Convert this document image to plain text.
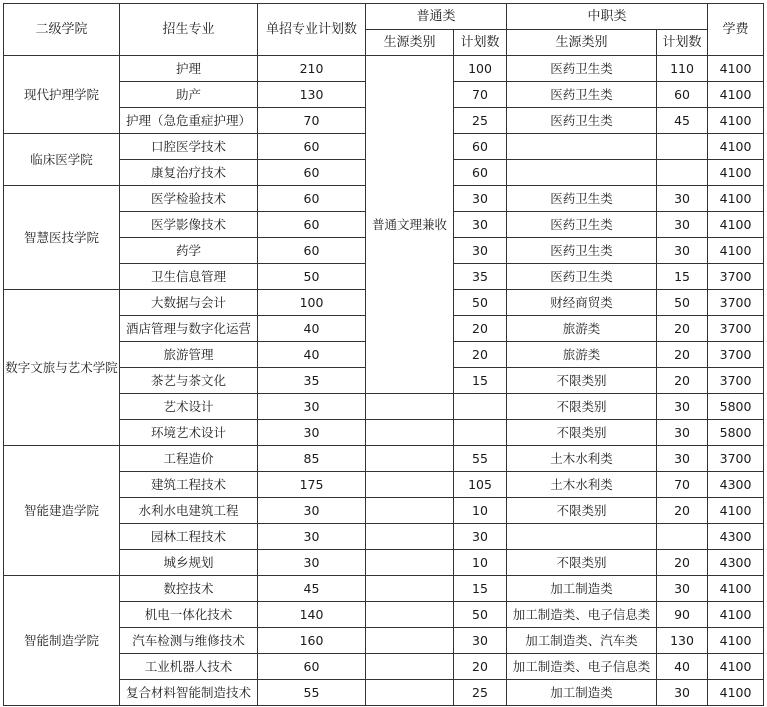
二级学院	招生专业	单招专业计划数	普通类		中职类		学费
			生源类别	计划数	生源类别	计划数	
现代护理学院	护理	210	普通文理兼收	100	医药卫生类	110	4100
	助产	130		70	医药卫生类	60	4100
	护理（急危重症护理）	70		25	医药卫生类	45	4100
临床医学院	口腔医学技术	60		60			4100
	康复治疗技术	60		60			4100
智慧医技学院	医学检验技术	60		30	医药卫生类	30	4100
	医学影像技术	60		30	医药卫生类	30	4100
	药学	60		30	医药卫生类	30	4100
	卫生信息管理	50		35	医药卫生类	15	3700
数字文旅与艺术学院	大数据与会计	100		50	财经商贸类	50	3700
	酒店管理与数字化运营	40		20	旅游类	20	3700
	旅游管理	40		20	旅游类	20	3700
	茶艺与茶文化	35		15	不限类别	20	3700
	艺术设计	30			不限类别	30	5800
	环境艺术设计	30			不限类别	30	5800
智能建造学院	工程造价	85		55	土木水利类	30	3700
	建筑工程技术	175		105	土木水利类	70	4300
	水利水电建筑工程	30		10	不限类别	20	4100
	园林工程技术	30		30			4300
	城乡规划	30		10	不限类别	20	4300
智能制造学院	数控技术	45		15	加工制造类	30	4100
	机电一体化技术	140		50	加工制造类、电子信息类	90	4100
	汽车检测与维修技术	160		30	加工制造类、汽车类	130	4100
	工业机器人技术	60		20	加工制造类、电子信息类	40	4100
	复合材料智能制造技术	55		25	加工制造类	30	4100
